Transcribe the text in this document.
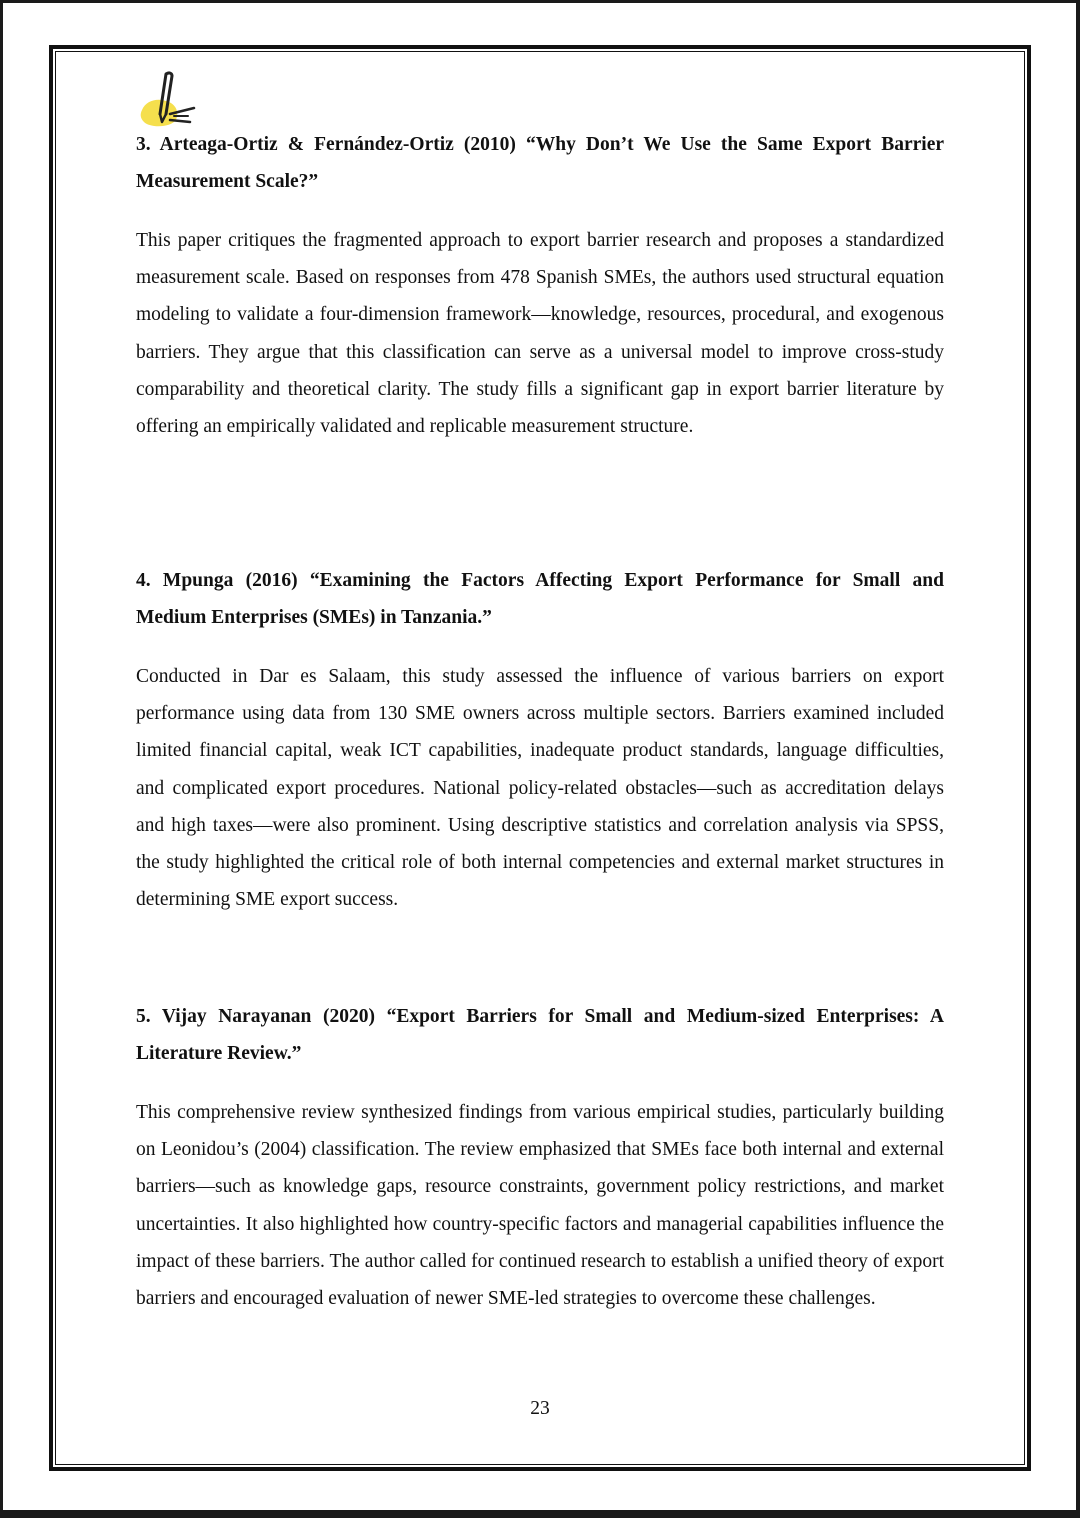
3. Arteaga-Ortiz & Fernández-Ortiz (2010) “Why Don’t We Use the Same Export Barrier
Measurement Scale?”

This paper critiques the fragmented approach to export barrier research and proposes a standardized measurement scale. Based on responses from 478 Spanish SMEs, the authors used structural equation modeling to validate a four-dimension framework—knowledge, resources, procedural, and exogenous barriers. They argue that this classification can serve as a universal model to improve cross-study comparability and theoretical clarity. The study fills a significant gap in export barrier literature by offering an empirically validated and replicable measurement structure.

4. Mpunga (2016) “Examining the Factors Affecting Export Performance for Small and
Medium Enterprises (SMEs) in Tanzania.”

Conducted in Dar es Salaam, this study assessed the influence of various barriers on export performance using data from 130 SME owners across multiple sectors. Barriers examined included limited financial capital, weak ICT capabilities, inadequate product standards, language difficulties, and complicated export procedures. National policy-related obstacles—such as accreditation delays and high taxes—were also prominent. Using descriptive statistics and correlation analysis via SPSS, the study highlighted the critical role of both internal competencies and external market structures in determining SME export success.

5. Vijay Narayanan (2020) “Export Barriers for Small and Medium-sized Enterprises: A
Literature Review.”

This comprehensive review synthesized findings from various empirical studies, particularly building on Leonidou’s (2004) classification. The review emphasized that SMEs face both internal and external barriers—such as knowledge gaps, resource constraints, government policy restrictions, and market uncertainties. It also highlighted how country-specific factors and managerial capabilities influence the impact of these barriers. The author called for continued research to establish a unified theory of export barriers and encouraged evaluation of newer SME-led strategies to overcome these challenges.

23
